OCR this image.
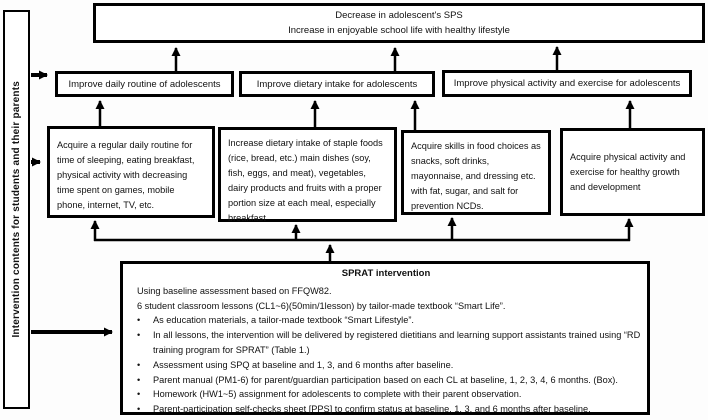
Intervention contents for students and their parents
Decrease in adolescent's SPS
Increase in enjoyable school life with healthy lifestyle
Improve daily routine of adolescents	Improve dietary intake for adolescents	Improve physical activity and exercise for adolescents
Acquire a regular daily routine for time of sleeping, eating breakfast, physical activity with decreasing time spent on games, mobile phone, internet, TV, etc.
Increase dietary intake of staple foods (rice, bread, etc.) main dishes (soy, fish, eggs, and meat), vegetables, dairy products and fruits with a proper portion size at each meal, especially breakfast
Acquire skills in food choices as snacks, soft drinks, mayonnaise, and dressing etc. with fat, sugar, and salt for prevention NCDs.
Acquire physical activity and exercise for healthy growth and development
SPRAT intervention
Using baseline assessment based on FFQW82.
6 student classroom lessons (CL1~6)(50min/1lesson) by tailor-made textbook “Smart Life”.
As education materials, a tailor-made textbook “Smart Lifestyle”.
In all lessons, the intervention will be delivered by registered dietitians and learning support assistants trained using “RD training program for SPRAT” (Table 1.)
Assessment using SPQ at baseline and 1, 3, and 6 months after baseline.
Parent manual (PM1-6) for parent/guardian participation based on each CL at baseline, 1, 2, 3, 4, 6 months. (Box).
Homework (HW1~5) assignment for adolescents to complete with their parent observation.
Parent-participation self-checks sheet [PPS] to confirm status at baseline, 1, 3, and 6 months after baseline.
